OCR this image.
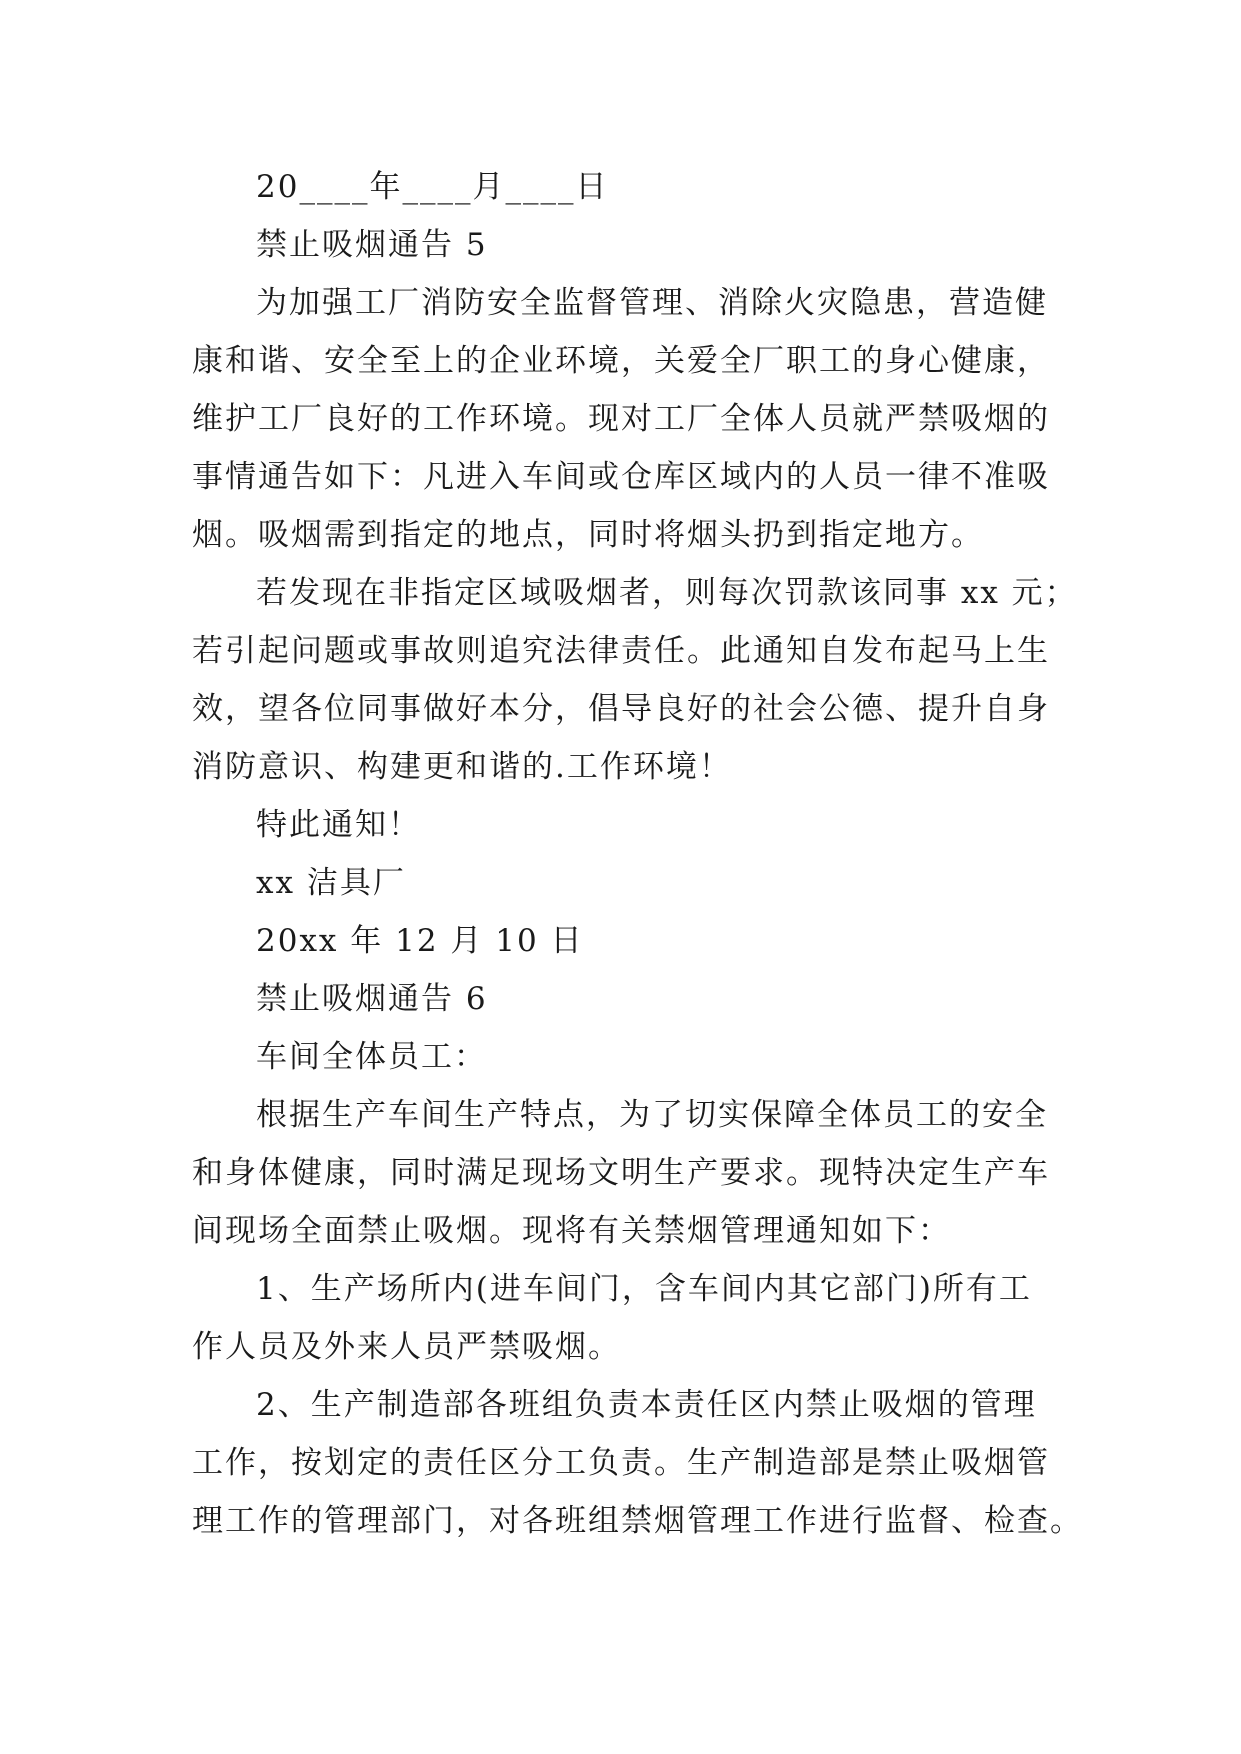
20____年____月____日

禁止吸烟通告 5

为加强工厂消防安全监督管理、消除火灾隐患，营造健

康和谐、安全至上的企业环境，关爱全厂职工的身心健康，

维护工厂良好的工作环境。现对工厂全体人员就严禁吸烟的

事情通告如下：凡进入车间或仓库区域内的人员一律不准吸

烟。吸烟需到指定的地点，同时将烟头扔到指定地方。

若发现在非指定区域吸烟者，则每次罚款该同事 xx 元；

若引起问题或事故则追究法律责任。此通知自发布起马上生

效，望各位同事做好本分，倡导良好的社会公德、提升自身

消防意识、构建更和谐的.工作环境！

特此通知！

xx 洁具厂

20xx 年 12 月 10 日

禁止吸烟通告 6

车间全体员工：

根据生产车间生产特点，为了切实保障全体员工的安全

和身体健康，同时满足现场文明生产要求。现特决定生产车

间现场全面禁止吸烟。现将有关禁烟管理通知如下：

1、生产场所内(进车间门，含车间内其它部门)所有工

作人员及外来人员严禁吸烟。

2、生产制造部各班组负责本责任区内禁止吸烟的管理

工作，按划定的责任区分工负责。生产制造部是禁止吸烟管

理工作的管理部门，对各班组禁烟管理工作进行监督、检查。
